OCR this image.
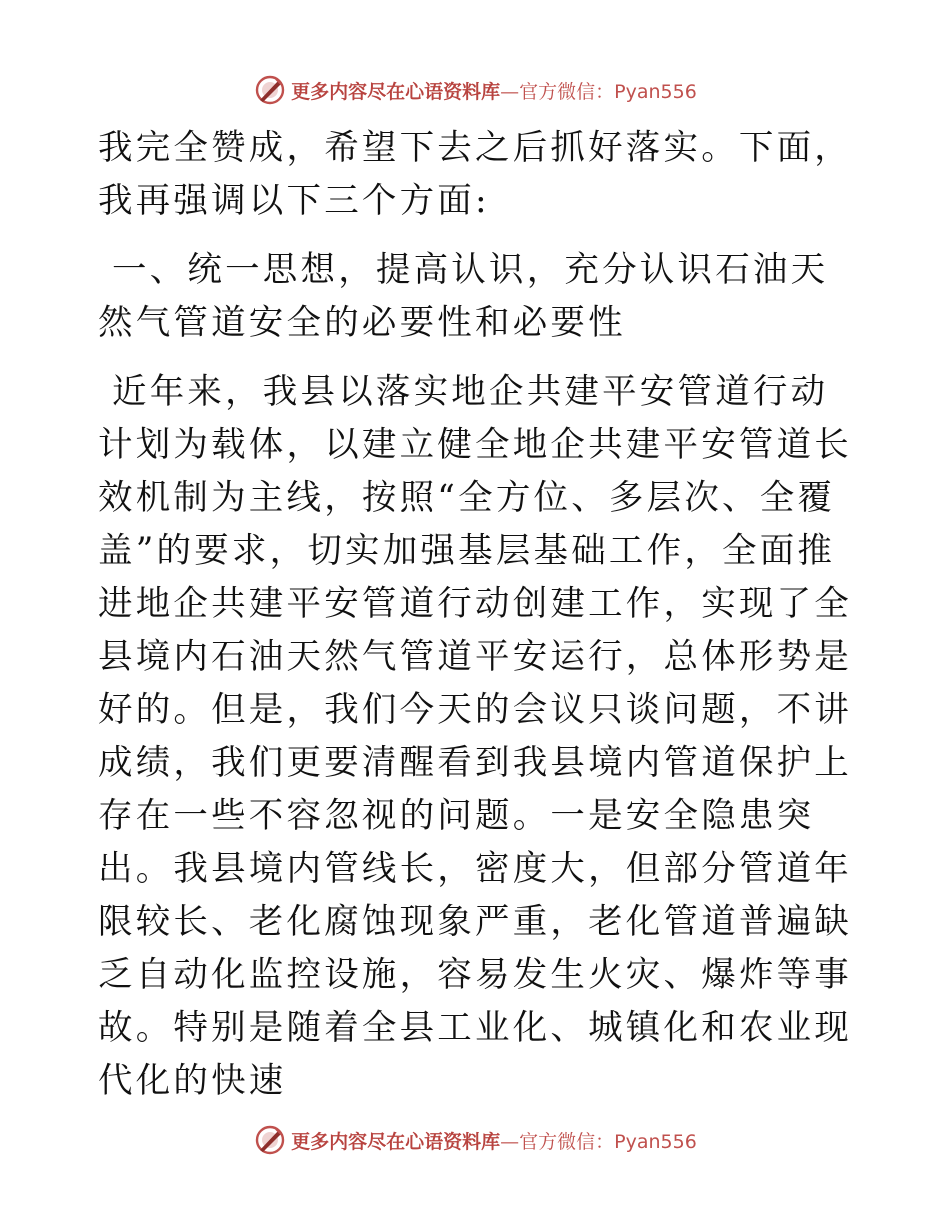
更多内容尽在心语资料库—官方微信：Pyan556

我完全赞成，希望下去之后抓好落实。下面，我再强调以下三个方面:

一、统一思想，提高认识，充分认识石油天然气管道安全的必要性和必要性

近年来，我县以落实地企共建平安管道行动计划为载体，以建立健全地企共建平安管道长效机制为主线，按照“全方位、多层次、全覆盖”的要求，切实加强基层基础工作，全面推进地企共建平安管道行动创建工作，实现了全县境内石油天然气管道平安运行，总体形势是好的。但是，我们今天的会议只谈问题，不讲成绩，我们更要清醒看到我县境内管道保护上存在一些不容忽视的问题。一是安全隐患突出。我县境内管线长，密度大，但部分管道年限较长、老化腐蚀现象严重，老化管道普遍缺乏自动化监控设施，容易发生火灾、爆炸等事故。特别是随着全县工业化、城镇化和农业现代化的快速

更多内容尽在心语资料库—官方微信：Pyan556
